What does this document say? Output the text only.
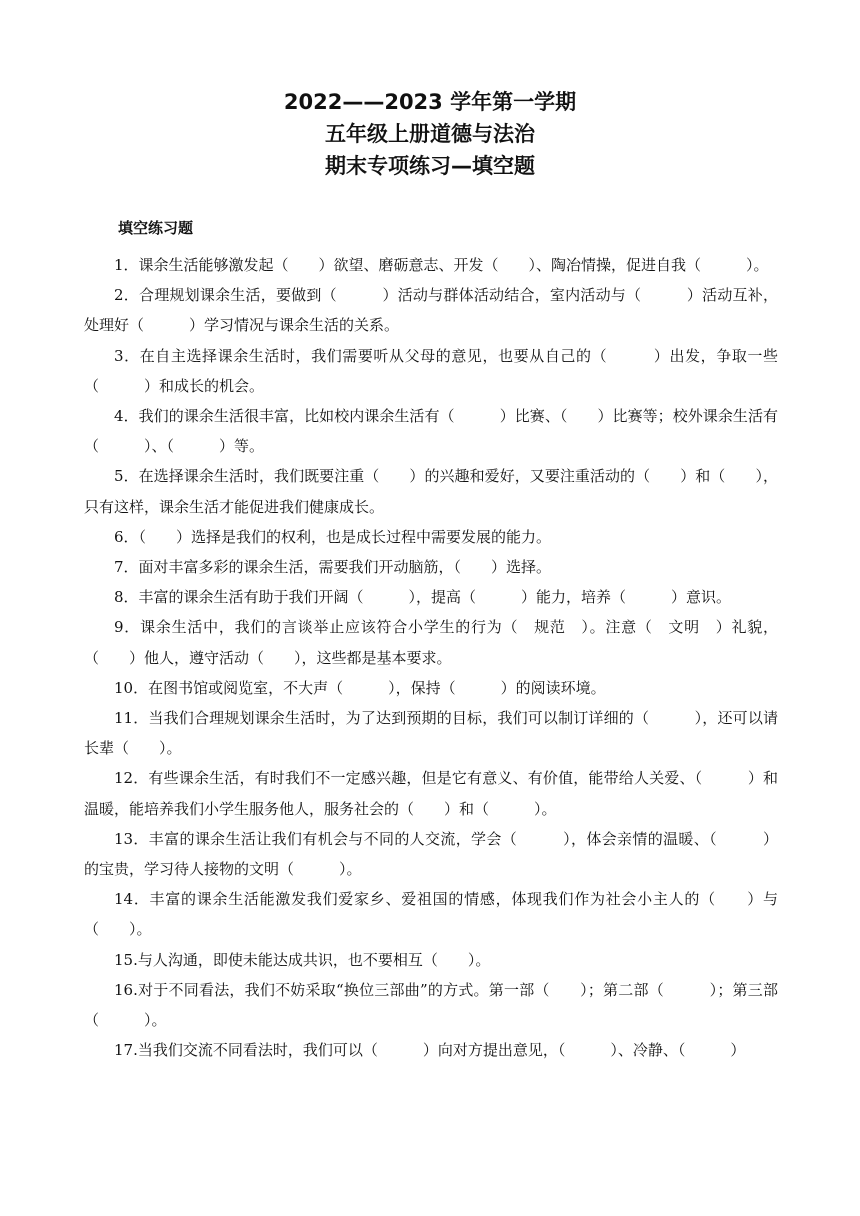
2022——2023 学年第一学期
五年级上册道德与法治
期末专项练习—填空题
填空练习题

1．课余生活能够激发起（　　）欲望、磨砺意志、开发（　　）、陶冶情操，促进自我（　　　）。

2．合理规划课余生活，要做到（　　　）活动与群体活动结合，室内活动与（　　　）活动互补，处理好（　　　）学习情况与课余生活的关系。

3．在自主选择课余生活时，我们需要听从父母的意见，也要从自己的（　　　）出发，争取一些（　　　）和成长的机会。

4．我们的课余生活很丰富，比如校内课余生活有（　　　）比赛、（　　）比赛等；校外课余生活有（　　　）、（　　　）等。

5．在选择课余生活时，我们既要注重（　　）的兴趣和爱好，又要注重活动的（　　）和（　　），只有这样，课余生活才能促进我们健康成长。

6．（　　）选择是我们的权利，也是成长过程中需要发展的能力。

7．面对丰富多彩的课余生活，需要我们开动脑筋，（　　）选择。

8．丰富的课余生活有助于我们开阔（　　　），提高（　　　）能力，培养（　　　）意识。

9．课余生活中，我们的言谈举止应该符合小学生的行为（　规范　）。注意（　文明　）礼貌，（　　）他人，遵守活动（　　），这些都是基本要求。

10．在图书馆或阅览室，不大声（　　　），保持（　　　）的阅读环境。

11．当我们合理规划课余生活时，为了达到预期的目标，我们可以制订详细的（　　　），还可以请长辈（　　）。

12．有些课余生活，有时我们不一定感兴趣，但是它有意义、有价值，能带给人关爱、（　　　）和温暖，能培养我们小学生服务他人，服务社会的（　　）和（　　　）。

13．丰富的课余生活让我们有机会与不同的人交流，学会（　　　），体会亲情的温暖、（　　　）的宝贵，学习待人接物的文明（　　　）。

14．丰富的课余生活能激发我们爱家乡、爱祖国的情感，体现我们作为社会小主人的（　　）与（　　）。

15.与人沟通，即使未能达成共识，也不要相互（　　）。

16.对于不同看法，我们不妨采取“换位三部曲”的方式。第一部（　　）；第二部（　　　）；第三部（　　　）。

17.当我们交流不同看法时，我们可以（　　　）向对方提出意见，（　　　）、冷静、（　　　）
